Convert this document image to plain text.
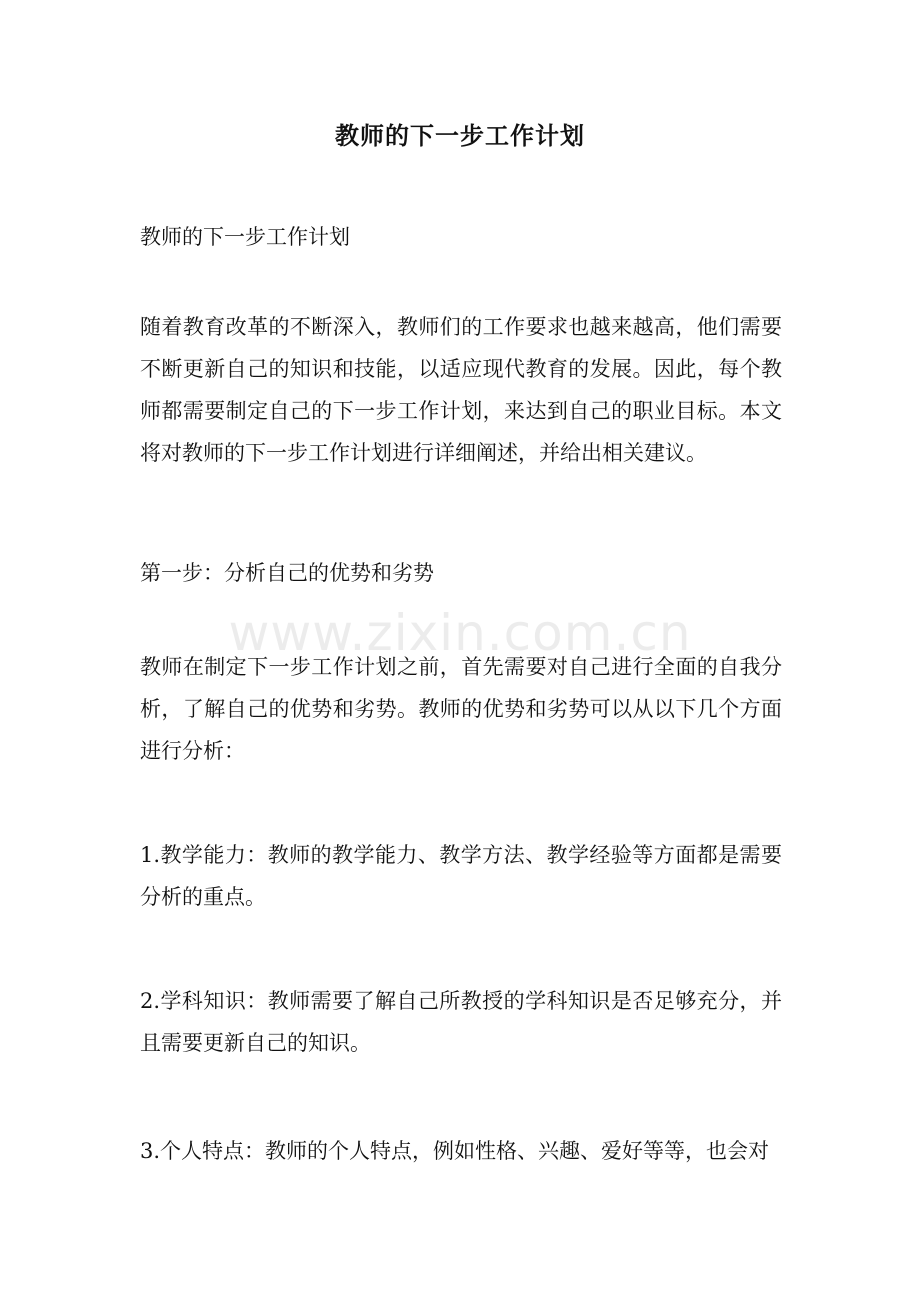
教师的下一步工作计划

教师的下一步工作计划

随着教育改革的不断深入，教师们的工作要求也越来越高，他们需要不断更新自己的知识和技能，以适应现代教育的发展。因此，每个教师都需要制定自己的下一步工作计划，来达到自己的职业目标。本文将对教师的下一步工作计划进行详细阐述，并给出相关建议。

第一步：分析自己的优势和劣势

教师在制定下一步工作计划之前，首先需要对自己进行全面的自我分析，了解自己的优势和劣势。教师的优势和劣势可以从以下几个方面进行分析：

1.教学能力：教师的教学能力、教学方法、教学经验等方面都是需要分析的重点。

2.学科知识：教师需要了解自己所教授的学科知识是否足够充分，并且需要更新自己的知识。

3.个人特点：教师的个人特点，例如性格、兴趣、爱好等等，也会对

www.zixin.com.cn
